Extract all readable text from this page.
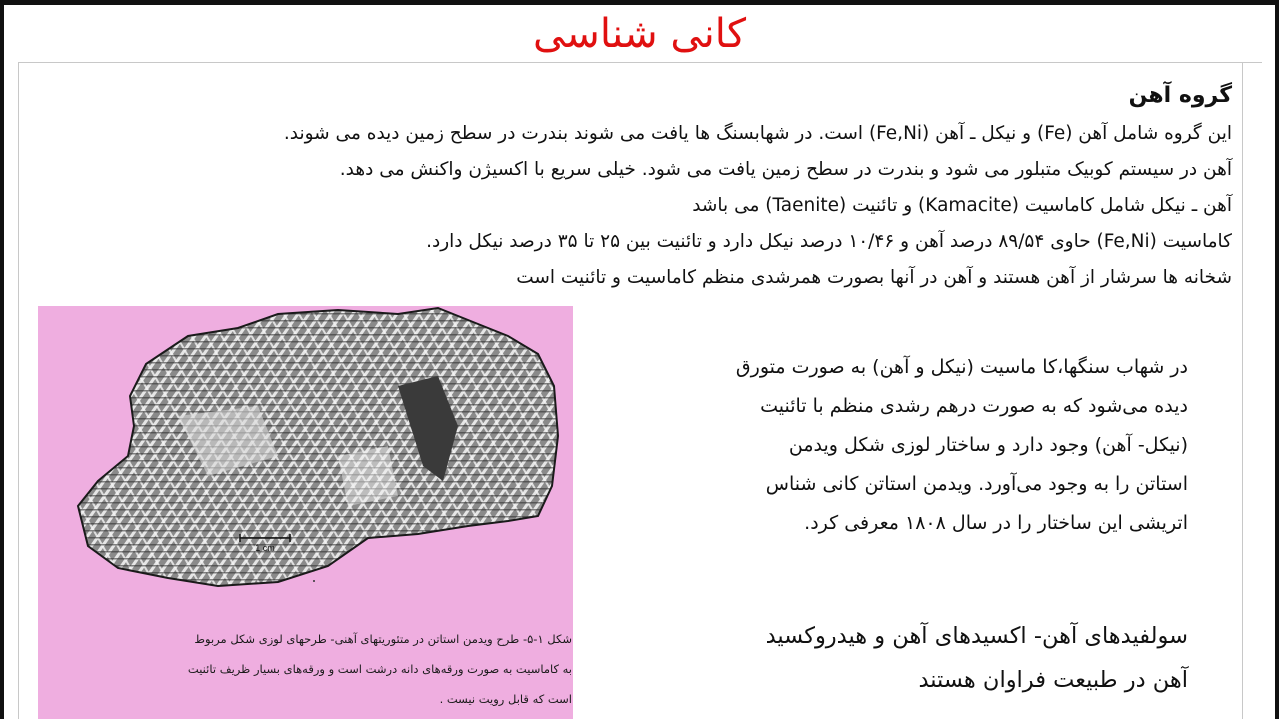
کانی شناسی

گروه آهن

این گروه شامل آهن (Fe) و نیکل ـ آهن (Fe,Ni) است. در شهابسنگ ها یافت می شوند بندرت در سطح زمین دیده می شوند.

آهن در سیستم کوبیک متبلور می شود و بندرت در سطح زمین یافت می شود. خیلی سریع با اکسیژن واکنش می دهد.

آهن ـ نیکل شامل کاماسیت (Kamacite) و تائنیت (Taenite) می باشد

کاماسیت (Fe,Ni) حاوی ۸۹/۵۴ درصد آهن و ۱۰/۴۶ درصد نیکل دارد و تائنیت بین ۲۵ تا ۳۵ درصد نیکل دارد.

شخانه ها سرشار از آهن هستند و آهن در آنها بصورت همرشدی منظم کاماسیت و تائنیت است

1 cm

شکل ۱-۵- طرح ویدمن استاتن در متئوریتهای آهنی- طرحهای لوزی شکل مربوط

به کاماسیت به صورت ورقه‌های دانه درشت است و ورقه‌های بسیار ظریف تائنیت

است که قابل رویت نیست .

در شهاب سنگها،کا ماسیت (نیکل و آهن) به صورت متورق

دیده می‌شود که به صورت درهم رشدی منظم با تائنیت

(نیکل- آهن) وجود دارد و ساختار لوزی شکل ویدمن

استاتن را به وجود می‌آورد. ویدمن استاتن کانی شناس

اتریشی این ساختار را در سال ۱۸۰۸ معرفی کرد.

سولفیدهای آهن- اکسیدهای آهن و هیدروکسید

آهن در طبیعت فراوان هستند
